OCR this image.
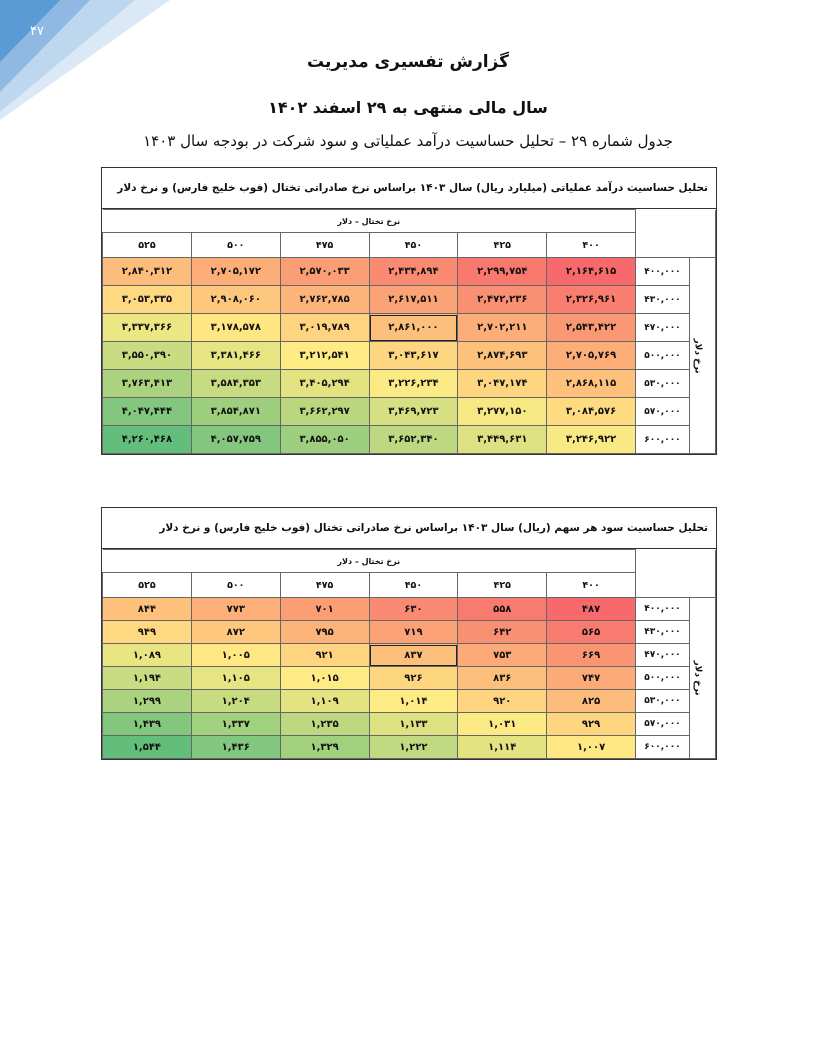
۴۷
گزارش تفسیری مدیریت
سال مالی منتهی به ۲۹ اسفند ۱۴۰۲
جدول شماره ۲۹ – تحلیل حساسیت درآمد عملیاتی و سود شرکت در بودجه سال ۱۴۰۳
تحلیل حساسیت درآمد عملیاتی (میلیارد ریال) سال ۱۴۰۳ براساس نرخ صادراتی تختال (فوب خلیج فارس) و نرخ دلار
		نرخ تختال – دلار					
		۴۰۰	۴۲۵	۴۵۰	۴۷۵	۵۰۰	۵۲۵
نرخ دلار	۴۰۰,۰۰۰	۲,۱۶۴,۶۱۵	۲,۲۹۹,۷۵۴	۲,۴۳۴,۸۹۴	۲,۵۷۰,۰۳۳	۲,۷۰۵,۱۷۲	۲,۸۴۰,۳۱۲
	۴۳۰,۰۰۰	۲,۳۲۶,۹۶۱	۲,۴۷۲,۲۳۶	۲,۶۱۷,۵۱۱	۲,۷۶۲,۷۸۵	۲,۹۰۸,۰۶۰	۳,۰۵۳,۳۳۵
	۴۷۰,۰۰۰	۲,۵۴۳,۴۲۲	۲,۷۰۲,۲۱۱	۲,۸۶۱,۰۰۰	۳,۰۱۹,۷۸۹	۳,۱۷۸,۵۷۸	۳,۳۳۷,۳۶۶
	۵۰۰,۰۰۰	۲,۷۰۵,۷۶۹	۲,۸۷۴,۶۹۳	۳,۰۴۳,۶۱۷	۳,۲۱۲,۵۴۱	۳,۳۸۱,۴۶۶	۳,۵۵۰,۳۹۰
	۵۳۰,۰۰۰	۲,۸۶۸,۱۱۵	۳,۰۴۷,۱۷۴	۳,۲۲۶,۲۳۴	۳,۴۰۵,۲۹۴	۳,۵۸۴,۳۵۳	۳,۷۶۳,۴۱۳
	۵۷۰,۰۰۰	۳,۰۸۴,۵۷۶	۳,۲۷۷,۱۵۰	۳,۴۶۹,۷۲۳	۳,۶۶۲,۲۹۷	۳,۸۵۴,۸۷۱	۴,۰۴۷,۴۴۴
	۶۰۰,۰۰۰	۳,۲۴۶,۹۲۲	۳,۴۴۹,۶۳۱	۳,۶۵۲,۳۴۰	۳,۸۵۵,۰۵۰	۴,۰۵۷,۷۵۹	۴,۲۶۰,۴۶۸
تحلیل حساسیت سود هر سهم (ریال) سال ۱۴۰۳ براساس نرخ صادراتی تختال (فوب خلیج فارس) و نرخ دلار
		نرخ تختال – دلار					
		۴۰۰	۴۲۵	۴۵۰	۴۷۵	۵۰۰	۵۲۵
نرخ دلار	۴۰۰,۰۰۰	۴۸۷	۵۵۸	۶۳۰	۷۰۱	۷۷۳	۸۴۴
	۴۳۰,۰۰۰	۵۶۵	۶۴۲	۷۱۹	۷۹۵	۸۷۲	۹۴۹
	۴۷۰,۰۰۰	۶۶۹	۷۵۳	۸۳۷	۹۲۱	۱,۰۰۵	۱,۰۸۹
	۵۰۰,۰۰۰	۷۴۷	۸۳۶	۹۲۶	۱,۰۱۵	۱,۱۰۵	۱,۱۹۴
	۵۳۰,۰۰۰	۸۲۵	۹۲۰	۱,۰۱۴	۱,۱۰۹	۱,۲۰۴	۱,۲۹۹
	۵۷۰,۰۰۰	۹۲۹	۱,۰۳۱	۱,۱۳۳	۱,۲۳۵	۱,۳۳۷	۱,۴۳۹
	۶۰۰,۰۰۰	۱,۰۰۷	۱,۱۱۴	۱,۲۲۲	۱,۳۲۹	۱,۴۳۶	۱,۵۴۴
